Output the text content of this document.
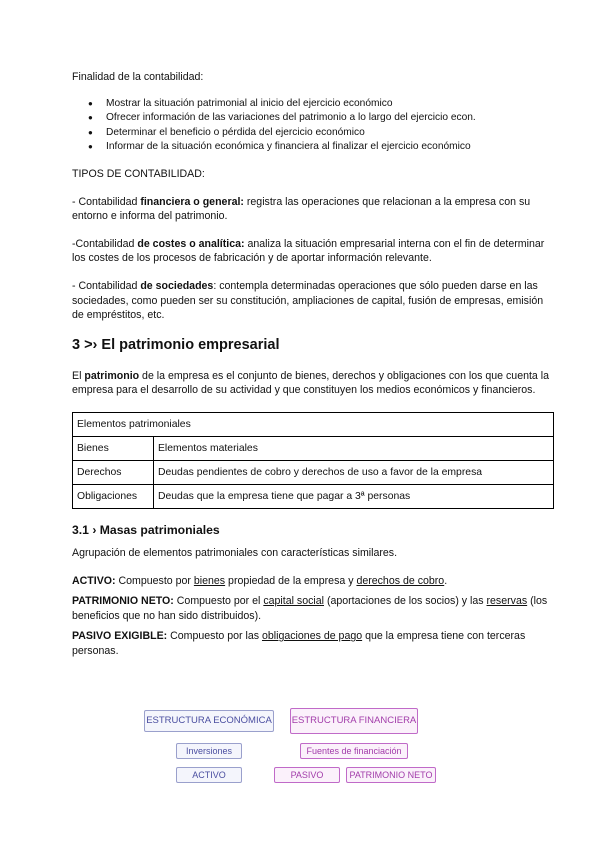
Finalidad de la contabilidad:

● Mostrar la situación patrimonial al inicio del ejercicio económico
● Ofrecer información de las variaciones del patrimonio a lo largo del ejercicio econ.
● Determinar el beneficio o pérdida del ejercicio económico
● Informar de la situación económica y financiera al finalizar el ejercicio económico

TIPOS DE CONTABILIDAD:

- Contabilidad financiera o general: registra las operaciones que relacionan a la empresa con su entorno e informa del patrimonio.

-Contabilidad de costes o analítica: analiza la situación empresarial interna con el fin de determinar los costes de los procesos de fabricación y de aportar información relevante.

- Contabilidad de sociedades: contempla determinadas operaciones que sólo pueden darse en las sociedades, como pueden ser su constitución, ampliaciones de capital, fusión de empresas, emisión de empréstitos, etc.

3 >› El patrimonio empresarial

El patrimonio de la empresa es el conjunto de bienes, derechos y obligaciones con los que cuenta la empresa para el desarrollo de su actividad y que constituyen los medios económicos y financieros.

Elementos patrimoniales	
Bienes	Elementos materiales
Derechos	Deudas pendientes de cobro y derechos de uso a favor de la empresa
Obligaciones	Deudas que la empresa tiene que pagar a 3ª personas
3.1 › Masas patrimoniales

Agrupación de elementos patrimoniales con características similares.

ACTIVO: Compuesto por bienes propiedad de la empresa y derechos de cobro.

PATRIMONIO NETO: Compuesto por el capital social (aportaciones de los socios) y las reservas (los beneficios que no han sido distribuidos).

PASIVO EXIGIBLE: Compuesto por las obligaciones de pago que la empresa tiene con terceras personas.

ESTRUCTURA ECONÓMICA ESTRUCTURA FINANCIERA
Inversiones	Fuentes de financiación
ACTIVO	PASIVO	PATRIMONIO NETO
